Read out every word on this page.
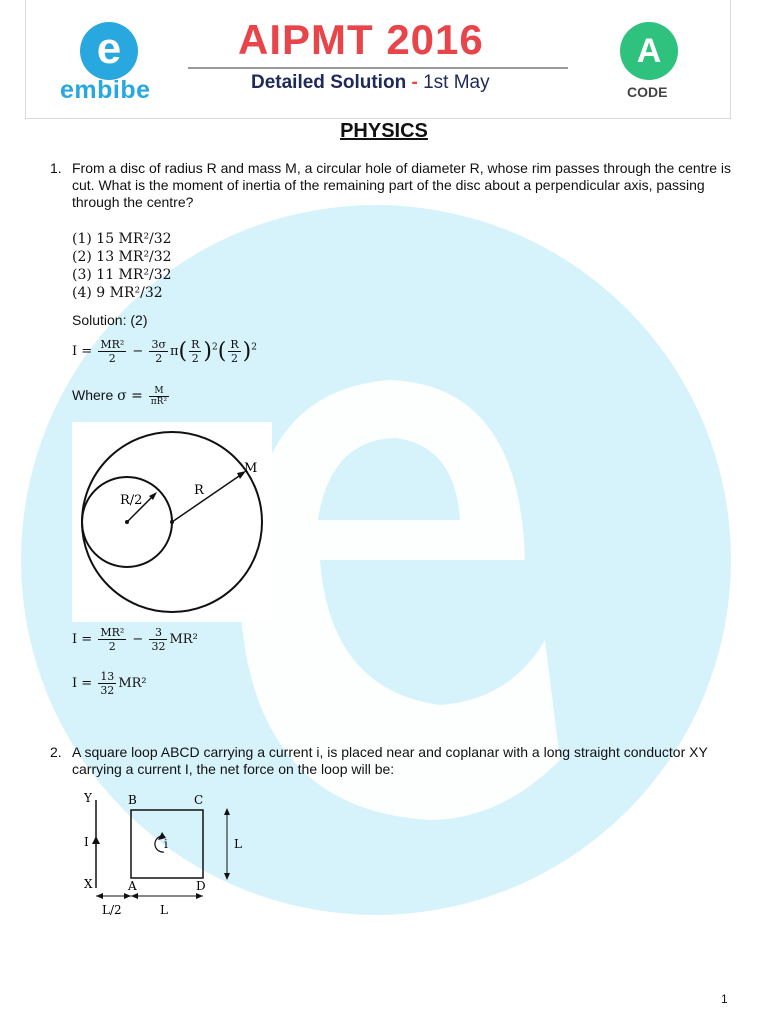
e
embibe
AIPMT 2016
Detailed Solution - 1st May
A
CODE
PHYSICS
1. From a disc of radius R and mass M, a circular hole of diameter R, whose rim passes through the centre is cut. What is the moment of inertia of the remaining part of the disc about a perpendicular axis, passing through the centre?
(1) 15 MR²/32
(2) 13 MR²/32
(3) 11 MR²/32
(4) 9 MR²/32
Solution: (2)
$I = \frac{\text{MR²}}{2} - \frac{3\sigma}{2} \pi( \frac{R}{2} )^2( \frac{R}{2} )^2$
Where $\sigma = \frac{M}{\text{πR²}}$
R/2
R
M
$I = \frac{\text{MR²}}{2} - \frac{3}{32} MR^2$
$I = \frac{13}{32} MR^2$
2. A square loop ABCD carrying a current i, is placed near and coplanar with a long straight conductor XY carrying a current I, the net force on the loop will be:
Y	B	C
I	i	L
X	A	D
L/2	L
1
